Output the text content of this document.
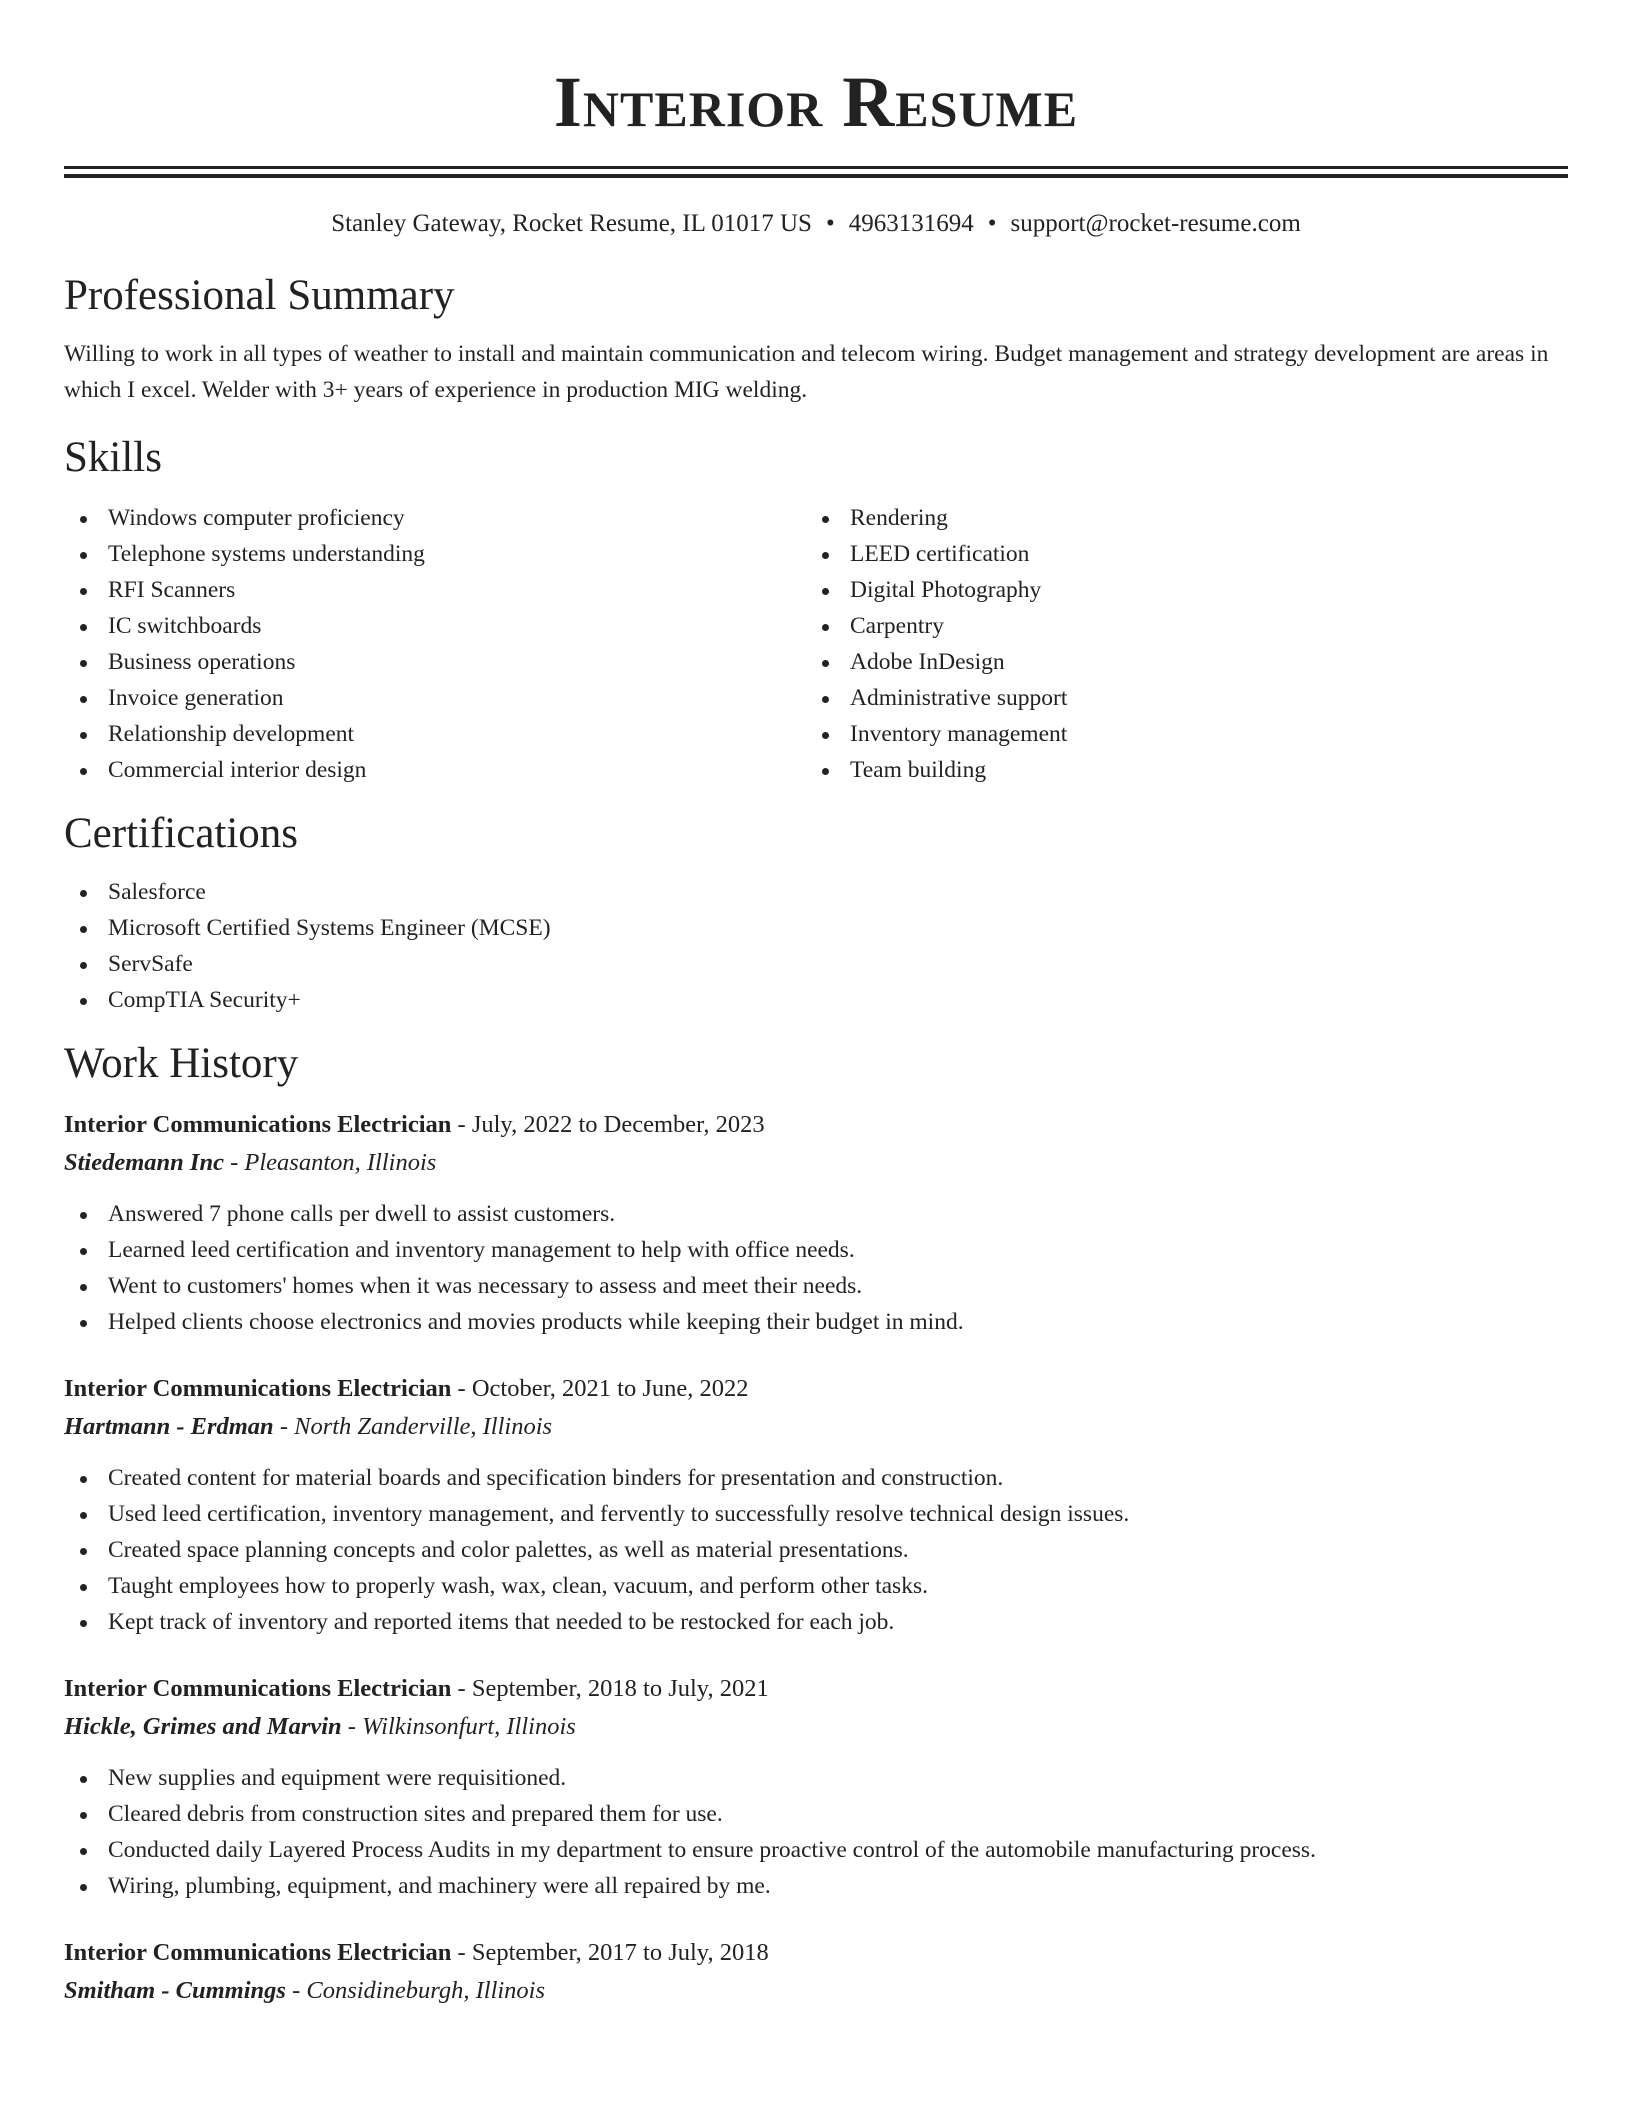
Interior Resume
Stanley Gateway, Rocket Resume, IL 01017 US • 4963131694 • support@rocket-resume.com
Professional Summary

Willing to work in all types of weather to install and maintain communication and telecom wiring. Budget management and strategy development are areas in which I excel. Welder with 3+ years of experience in production MIG welding.

Skills
Windows computer proficiency
Telephone systems understanding
RFI Scanners
IC switchboards
Business operations
Invoice generation
Relationship development
Commercial interior design
Rendering
LEED certification
Digital Photography
Carpentry
Adobe InDesign
Administrative support
Inventory management
Team building
Certifications
Salesforce
Microsoft Certified Systems Engineer (MCSE)
ServSafe
CompTIA Security+
Work History
Interior Communications Electrician - July, 2022 to December, 2023
Stiedemann Inc - Pleasanton, Illinois
Answered 7 phone calls per dwell to assist customers.
Learned leed certification and inventory management to help with office needs.
Went to customers' homes when it was necessary to assess and meet their needs.
Helped clients choose electronics and movies products while keeping their budget in mind.
Interior Communications Electrician - October, 2021 to June, 2022
Hartmann - Erdman - North Zanderville, Illinois
Created content for material boards and specification binders for presentation and construction.
Used leed certification, inventory management, and fervently to successfully resolve technical design issues.
Created space planning concepts and color palettes, as well as material presentations.
Taught employees how to properly wash, wax, clean, vacuum, and perform other tasks.
Kept track of inventory and reported items that needed to be restocked for each job.
Interior Communications Electrician - September, 2018 to July, 2021
Hickle, Grimes and Marvin - Wilkinsonfurt, Illinois
New supplies and equipment were requisitioned.
Cleared debris from construction sites and prepared them for use.
Conducted daily Layered Process Audits in my department to ensure proactive control of the automobile manufacturing process.
Wiring, plumbing, equipment, and machinery were all repaired by me.
Interior Communications Electrician - September, 2017 to July, 2018
Smitham - Cummings - Considineburgh, Illinois
